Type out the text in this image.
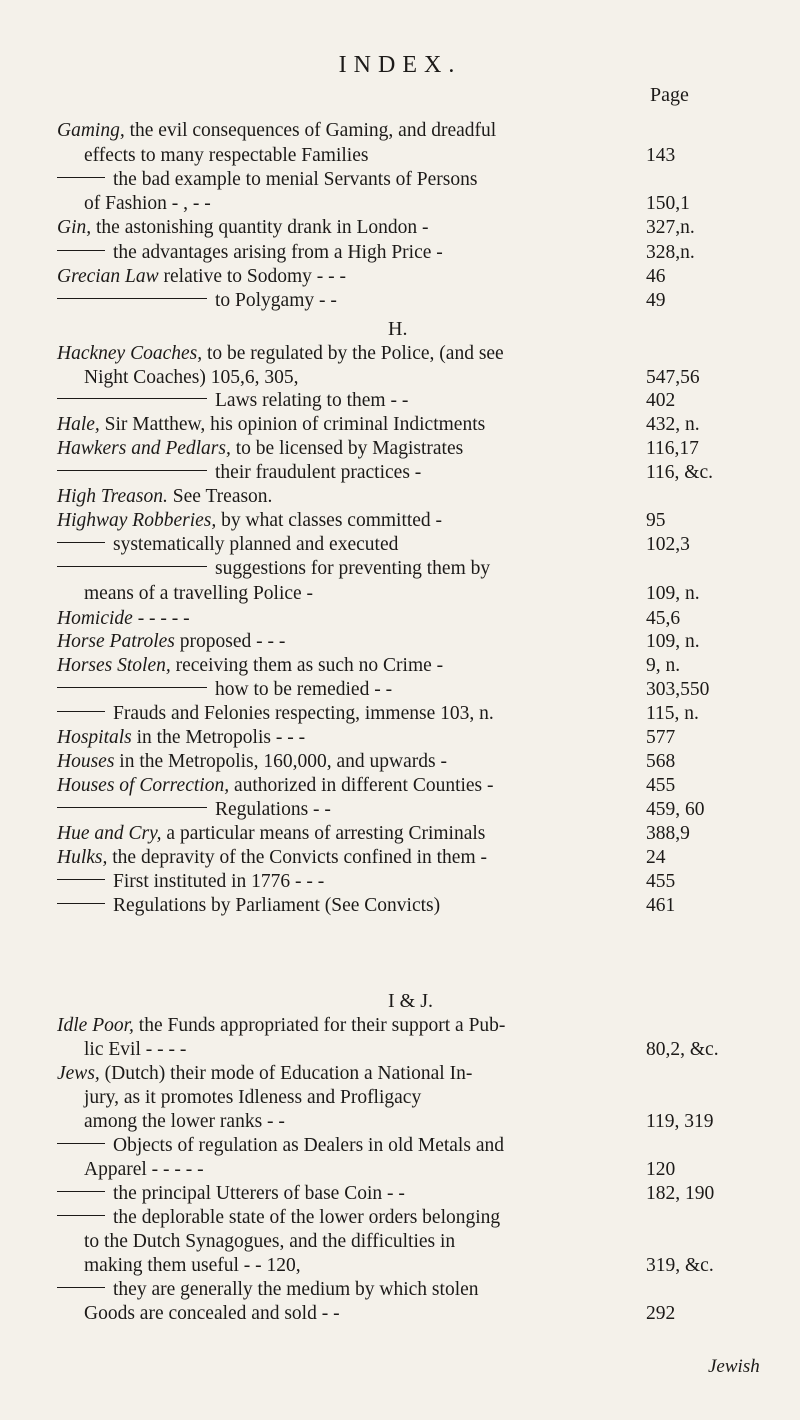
INDEX.
Page
Gaming, the evil consequences of Gaming, and dreadful
effects to many respectable Families	143
the bad example to menial Servants of Persons
of Fashion - , - -	150,1
Gin, the astonishing quantity drank in London -	327,n.
the advantages arising from a High Price -	328,n.
Grecian Law relative to Sodomy - - -	46
to Polygamy - -	49
H.
Hackney Coaches, to be regulated by the Police, (and see
Night Coaches) 105,6, 305,	547,56
Laws relating to them - -	402
Hale, Sir Matthew, his opinion of criminal Indictments	432, n.
Hawkers and Pedlars, to be licensed by Magistrates	116,17
their fraudulent practices -	116, &c.
High Treason. See Treason.
Highway Robberies, by what classes committed -	95
systematically planned and executed	102,3
suggestions for preventing them by
means of a travelling Police -	109, n.
Homicide - - - - -	45,6
Horse Patroles proposed - - -	109, n.
Horses Stolen, receiving them as such no Crime -	9, n.
how to be remedied - -	303,550
Frauds and Felonies respecting, immense 103, n.	115, n.
Hospitals in the Metropolis - - -	577
Houses in the Metropolis, 160,000, and upwards -	568
Houses of Correction, authorized in different Counties -	455
Regulations - -	459, 60
Hue and Cry, a particular means of arresting Criminals	388,9
Hulks, the depravity of the Convicts confined in them -	24
First instituted in 1776 - - -	455
Regulations by Parliament (See Convicts)	461
I & J.
Idle Poor, the Funds appropriated for their support a Pub-
lic Evil - - - -	80,2, &c.
Jews, (Dutch) their mode of Education a National In-
jury, as it promotes Idleness and Profligacy
among the lower ranks - -	119, 319
Objects of regulation as Dealers in old Metals and
Apparel - - - - -	120
the principal Utterers of base Coin - -	182, 190
the deplorable state of the lower orders belonging
to the Dutch Synagogues, and the difficulties in
making them useful - - 120,	319, &c.
they are generally the medium by which stolen
Goods are concealed and sold - -	292
Jewish
